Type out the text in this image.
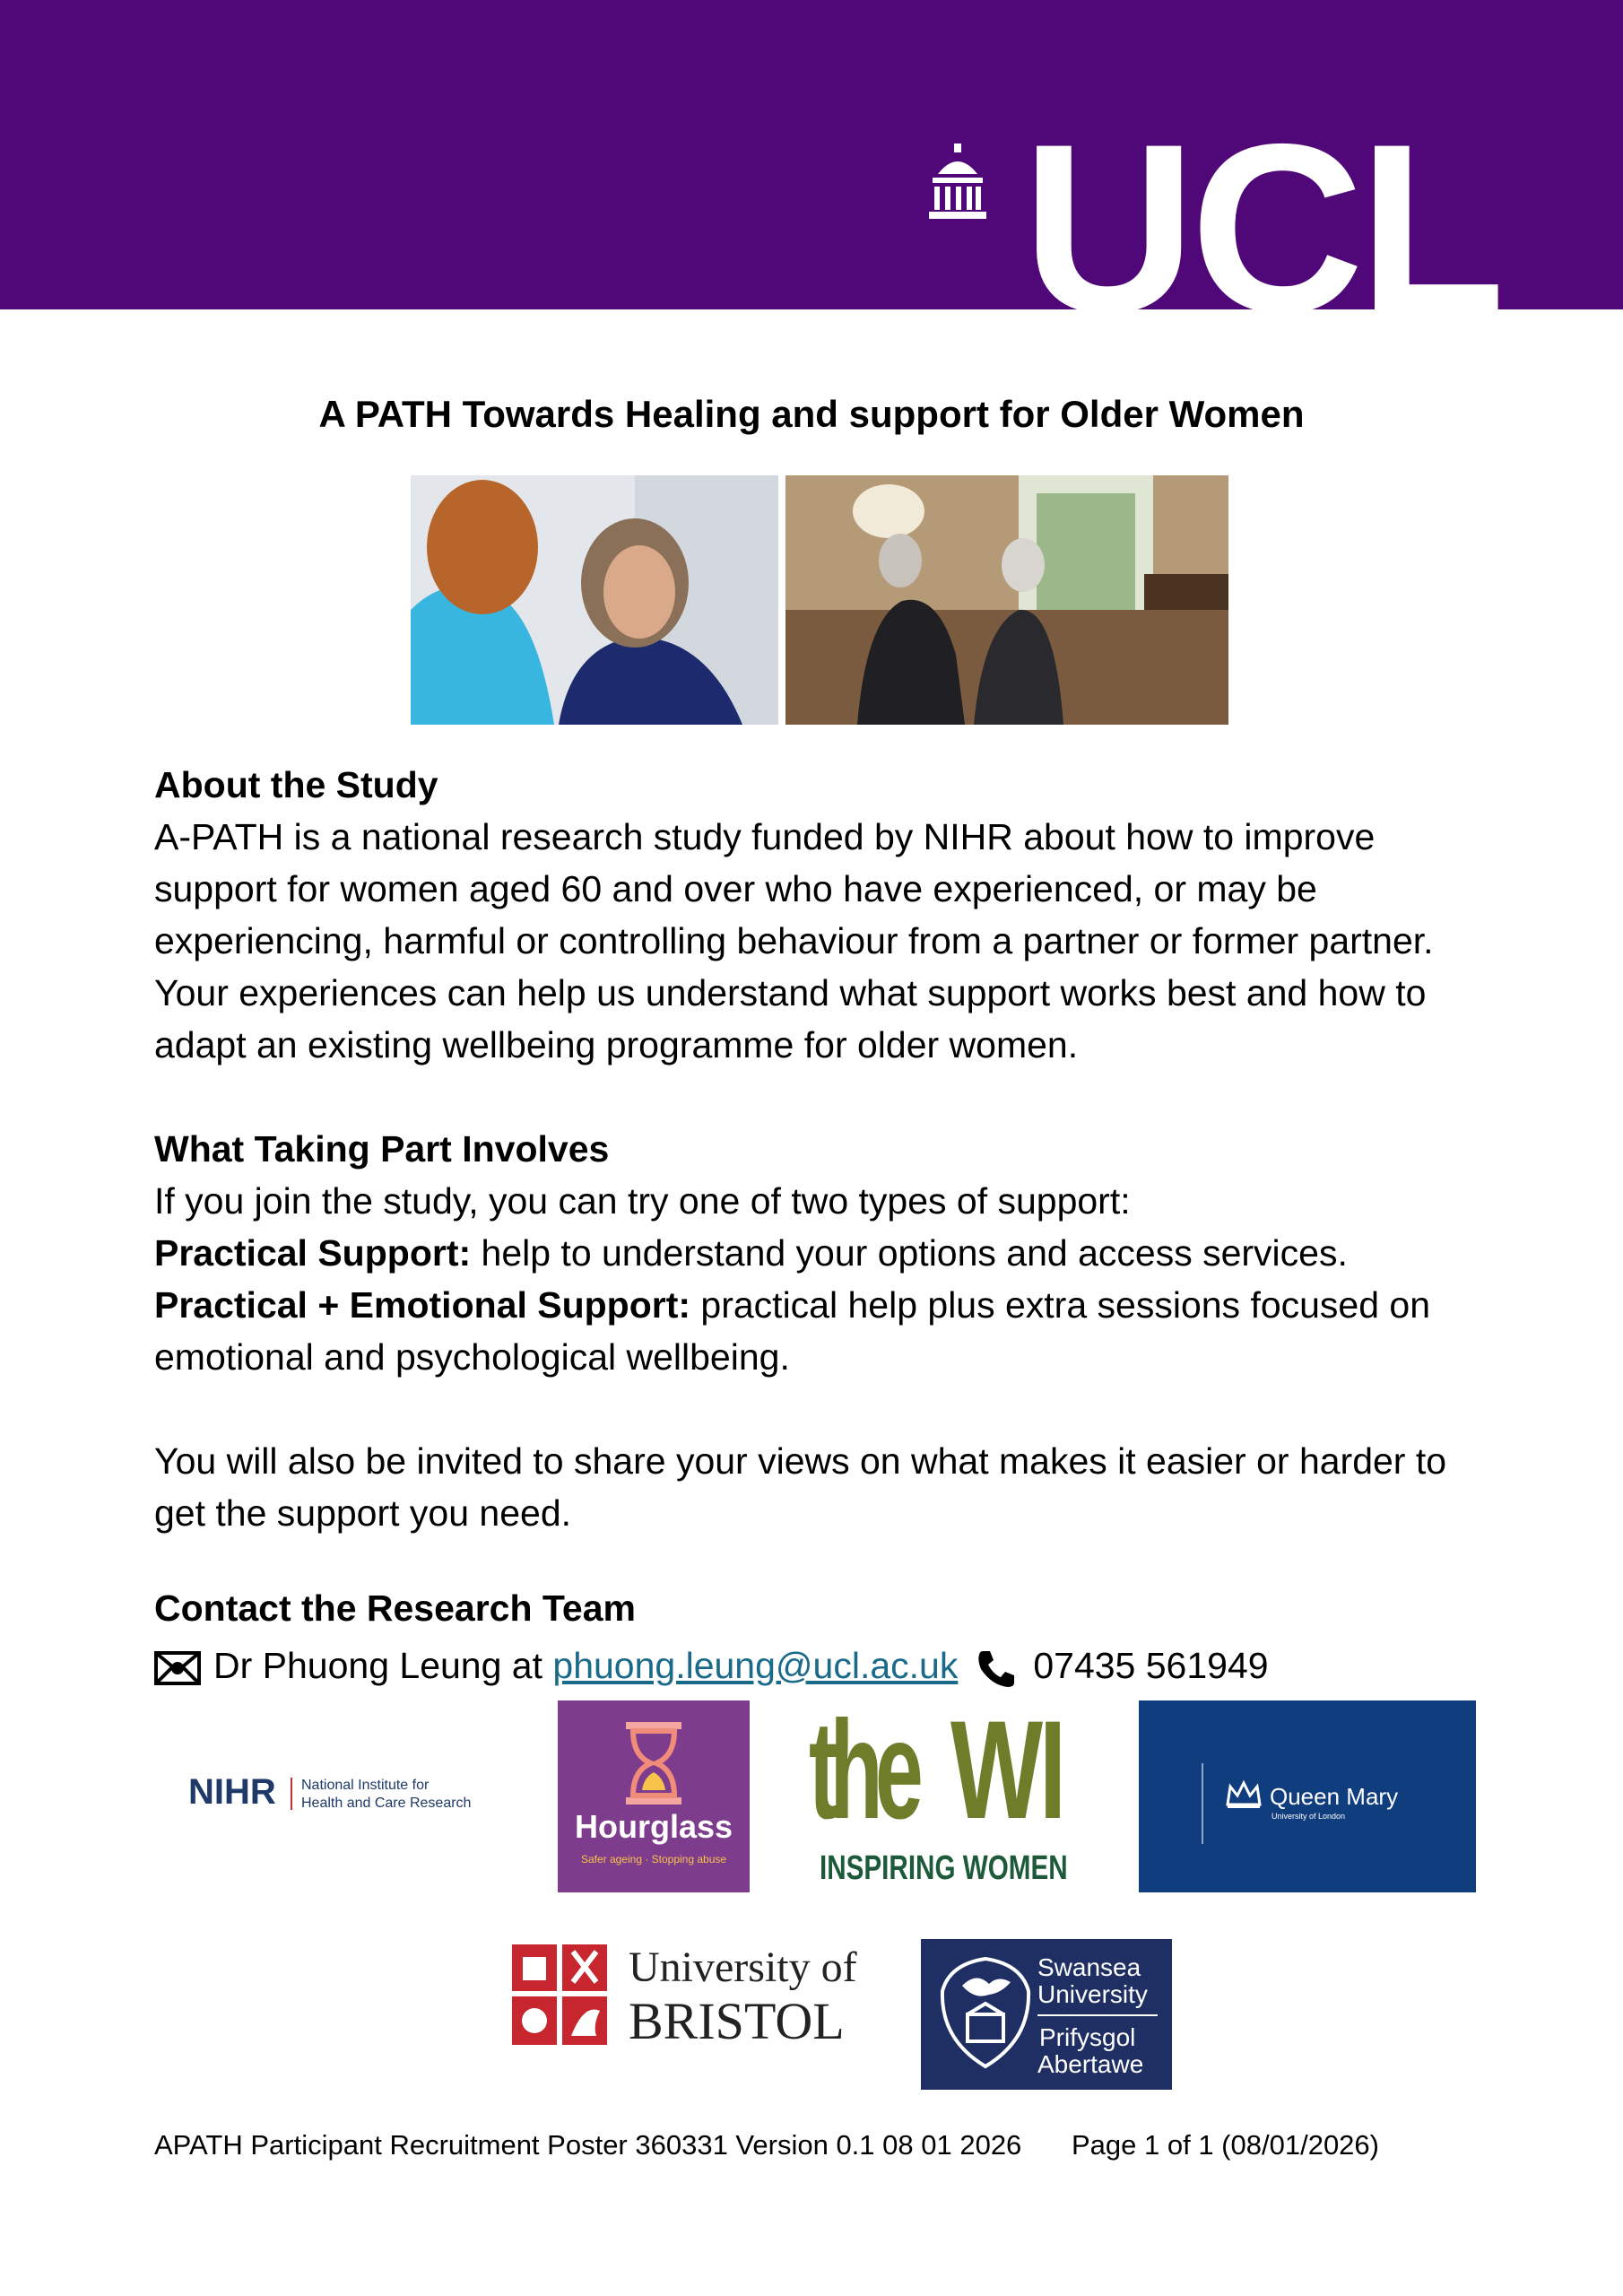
UCL
A PATH Towards Healing and support for Older Women
About the Study

A-PATH is a national research study funded by NIHR about how to improve support for women aged 60 and over who have experienced, or may be experiencing, harmful or controlling behaviour from a partner or former partner. Your experiences can help us understand what support works best and how to adapt an existing wellbeing programme for older women.

What Taking Part Involves

If you join the study, you can try one of two types of support:

Practical Support: help to understand your options and access services.

Practical + Emotional Support: practical help plus extra sessions focused on emotional and psychological wellbeing.

You will also be invited to share your views on what makes it easier or harder to get the support you need.

Contact the Research Team
Dr Phuong Leung at phuong.leung@ucl.ac.uk 07435 561949
NIHR National Institute for
Health and Care Research
Hourglass
Safer ageing · Stopping abuse
the WI
INSPIRING WOMEN
Queen Mary
University of London
University of
BRISTOL
Swansea
University
Prifysgol
Abertawe
APATH Participant Recruitment Poster 360331 Version 0.1 08 01 2026 Page 1 of 1 (08/01/2026)
